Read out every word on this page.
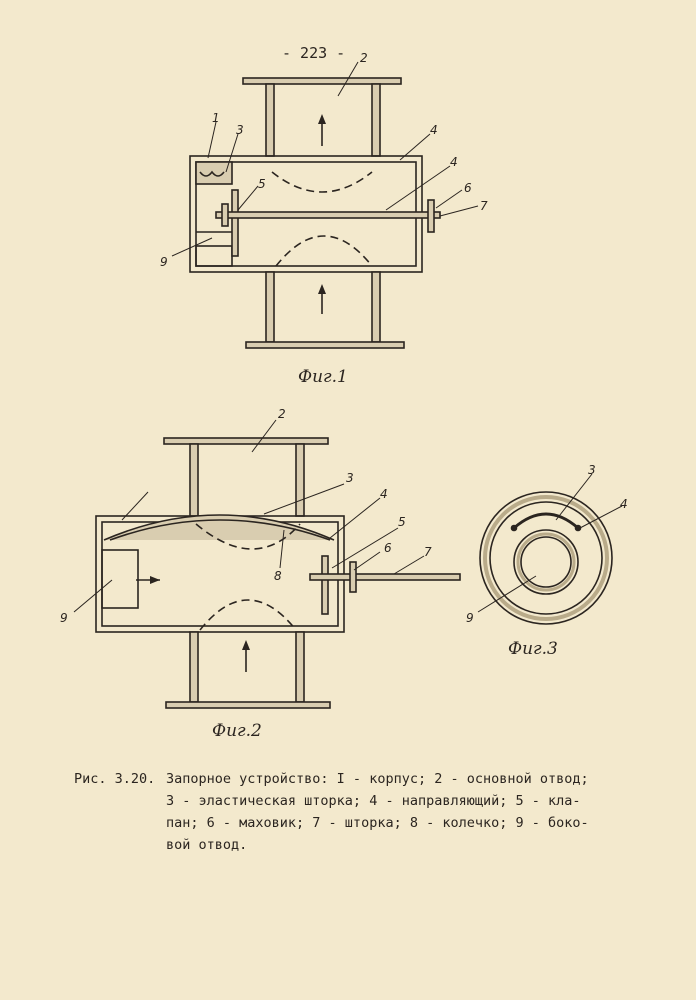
- 223 -
1
2
3	4
4
5	6
7
9
Фиг.1
2
3
4
5
6	7
8
9
Фиг.2
3
4
9
Фиг.3
Рис. 3.20. Запорное устройство: I - корпус; 2 - основной отвод;
3 - эластическая шторка; 4 - направляющий; 5 - кла-
пан; 6 - маховик; 7 - шторка; 8 - колечко; 9 - боко-
вой отвод.
